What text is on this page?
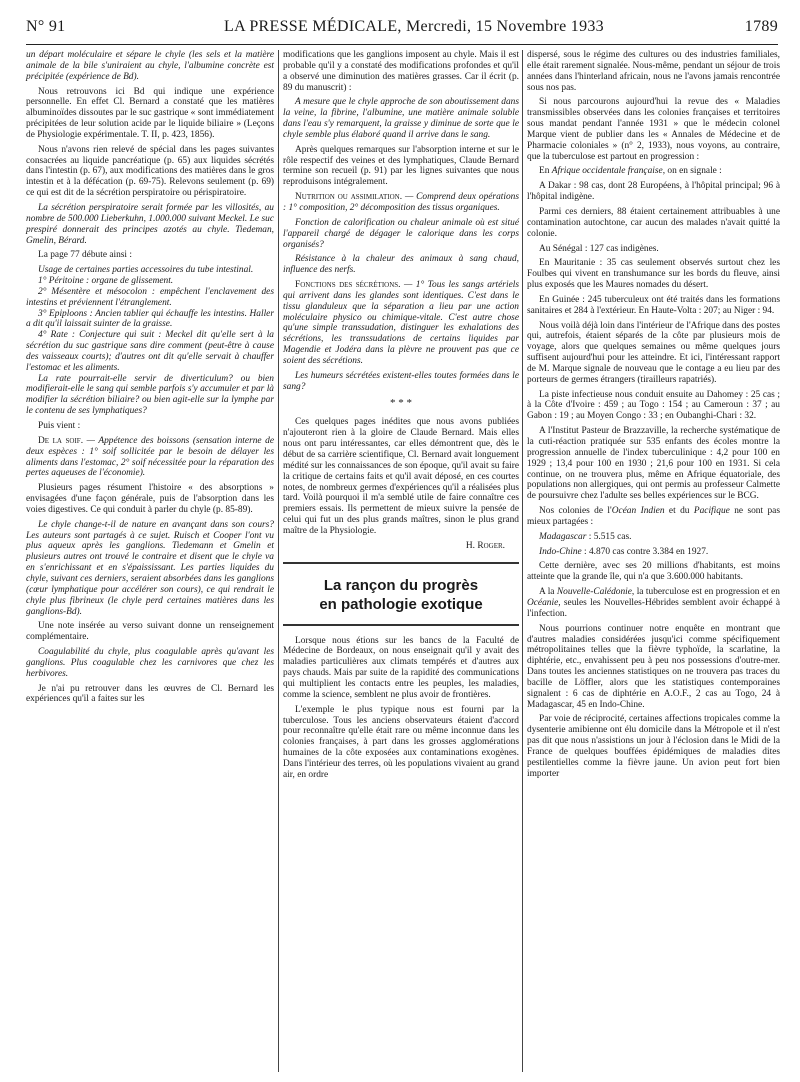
N° 91	LA PRESSE MÉDICALE, Mercredi, 15 Novembre 1933	1789

un départ moléculaire et sépare le chyle (les sels et la matière animale de la bile s'uniraient au chyle, l'albumine concrète est précipitée (expérience de Bd).

Nous retrouvons ici Bd qui indique une expérience personnelle. En effet Cl. Bernard a constaté que les matières albuminoïdes dissoutes par le suc gastrique « sont immédiatement précipitées de leur solution acide par le liquide biliaire » (Leçons de Physiologie expérimentale. T. II, p. 423, 1856).

Nous n'avons rien relevé de spécial dans les pages suivantes consacrées au liquide pancréatique (p. 65) aux liquides sécrétés dans l'intestin (p. 67), aux modifications des matières dans le gros intestin et à la défécation (p. 69-75). Relevons seulement (p. 69) ce qui est dit de la sécrétion perspiratoire ou périspiratoire.

La sécrétion perspiratoire serait formée par les villosités, au nombre de 500.000 Lieberkuhn, 1.000.000 suivant Meckel. Le suc prespiré donnerait des principes azotés au chyle. Tiedeman, Gmelin, Bérard.

La page 77 débute ainsi :

Usage de certaines parties accessoires du tube intestinal.

1° Péritoine : organe de glissement.

2° Mésentère et mésocolon : empêchent l'enclavement des intestins et préviennent l'étranglement.

3° Epiploons : Ancien tablier qui échauffe les intestins. Haller a dit qu'il laissait suinter de la graisse.

4° Rate : Conjecture qui suit : Meckel dit qu'elle sert à la sécrétion du suc gastrique sans dire comment (peut-être à cause des vaisseaux courts); d'autres ont dit qu'elle servait à chauffer l'estomac et les aliments.

La rate pourrait-elle servir de diverticulum? ou bien modifierait-elle le sang qui semble parfois s'y accumuler et par là modifier la sécrétion biliaire? ou bien agit-elle sur la lymphe par le contenu de ses lymphatiques?

Puis vient :

De la soif. — Appétence des boissons (sensation interne de deux espèces : 1° soif sollicitée par le besoin de délayer les aliments dans l'estomac, 2° soif nécessitée pour la réparation des pertes aqueuses de l'économie).

Plusieurs pages résument l'histoire « des absorptions » envisagées d'une façon générale, puis de l'absorption dans les voies digestives. Ce qui conduit à parler du chyle (p. 85-89).

Le chyle change-t-il de nature en avançant dans son cours? Les auteurs sont partagés à ce sujet. Ruisch et Cooper l'ont vu plus aqueux après les ganglions. Tiedemann et Gmelin et plusieurs autres ont trouvé le contraire et disent que le chyle va en s'enrichissant et en s'épaississant. Les parties liquides du chyle, suivant ces derniers, seraient absorbées dans les ganglions (cœur lymphatique pour accélérer son cours), ce qui rendrait le chyle plus fibrineux (le chyle perd certaines matières dans les ganglions-Bd).

Une note insérée au verso suivant donne un renseignement complémentaire.

Coagulabilité du chyle, plus coagulable après qu'avant les ganglions. Plus coagulable chez les carnivores que chez les herbivores.

Je n'ai pu retrouver dans les œuvres de Cl. Bernard les expériences qu'il a faites sur les

modifications que les ganglions imposent au chyle. Mais il est probable qu'il y a constaté des modifications profondes et qu'il a observé une diminution des matières grasses. Car il écrit (p. 89 du manuscrit) :

A mesure que le chyle approche de son aboutissement dans la veine, la fibrine, l'albumine, une matière animale soluble dans l'eau s'y remarquent, la graisse y diminue de sorte que le chyle semble plus élaboré quand il arrive dans le sang.

Après quelques remarques sur l'absorption interne et sur le rôle respectif des veines et des lymphatiques, Claude Bernard termine son recueil (p. 91) par les lignes suivantes que nous reproduisons intégralement.

Nutrition ou assimilation. — Comprend deux opérations : 1° composition, 2° décomposition des tissus organiques.

Fonction de calorification ou chaleur animale où est situé l'appareil chargé de dégager le calorique dans les corps organisés?

Résistance à la chaleur des animaux à sang chaud, influence des nerfs.

Fonctions des sécrétions. — 1° Tous les sangs artériels qui arrivent dans les glandes sont identiques. C'est dans le tissu glanduleux que la séparation a lieu par une action moléculaire physico ou chimique-vitale. C'est autre chose qu'une simple transsudation, distinguer les exhalations des sécrétions, les transsudations de certains liquides par Magendie et Jodéra dans la plèvre ne prouvent pas que ce soient des sécrétions.

Les humeurs sécrétées existent-elles toutes formées dans le sang?

* * *

Ces quelques pages inédites que nous avons publiées n'ajouteront rien à la gloire de Claude Bernard. Mais elles nous ont paru intéressantes, car elles démontrent que, dès le début de sa carrière scientifique, Cl. Bernard avait longuement médité sur les connaissances de son époque, qu'il avait su faire la critique de certains faits et qu'il avait déposé, en ces courtes notes, de nombreux germes d'expériences qu'il a réalisées plus tard. Voilà pourquoi il m'a semblé utile de faire connaître ces premiers essais. Ils permettent de mieux suivre la pensée de celui qui fut un des plus grands maîtres, sinon le plus grand maître de la Physiologie.

H. Roger.

La rançon du progrès
en pathologie exotique

Lorsque nous étions sur les bancs de la Faculté de Médecine de Bordeaux, on nous enseignait qu'il y avait des maladies particulières aux climats tempérés et d'autres aux pays chauds. Mais par suite de la rapidité des communications qui multiplient les contacts entre les peuples, les maladies, comme la science, semblent ne plus avoir de frontières.

L'exemple le plus typique nous est fourni par la tuberculose. Tous les anciens observateurs étaient d'accord pour reconnaître qu'elle était rare ou même inconnue dans les colonies françaises, à part dans les grosses agglomérations humaines de la côte exposées aux contaminations exogènes. Dans l'intérieur des terres, où les populations vivaient au grand air, en ordre

dispersé, sous le régime des cultures ou des industries familiales, elle était rarement signalée. Nous-même, pendant un séjour de trois années dans l'hinterland africain, nous ne l'avons jamais rencontrée sous nos pas.

Si nous parcourons aujourd'hui la revue des « Maladies transmissibles observées dans les colonies françaises et territoires sous mandat pendant l'année 1931 » que le médecin colonel Marque vient de publier dans les « Annales de Médecine et de Pharmacie coloniales » (n° 2, 1933), nous voyons, au contraire, que la tuberculose est partout en progression :

En Afrique occidentale française, on en signale :

A Dakar : 98 cas, dont 28 Européens, à l'hôpital principal; 96 à l'hôpital indigène.

Parmi ces derniers, 88 étaient certainement attribuables à une contamination autochtone, car aucun des malades n'avait quitté la colonie.

Au Sénégal : 127 cas indigènes.

En Mauritanie : 35 cas seulement observés surtout chez les Foulbes qui vivent en transhumance sur les bords du fleuve, ainsi plus exposés que les Maures nomades du désert.

En Guinée : 245 tuberculeux ont été traités dans les formations sanitaires et 284 à l'extérieur. En Haute-Volta : 207; au Niger : 94.

Nous voilà déjà loin dans l'intérieur de l'Afrique dans des postes qui, autrefois, étaient séparés de la côte par plusieurs mois de voyage, alors que quelques semaines ou même quelques jours suffisent aujourd'hui pour les atteindre. Et ici, l'intéressant rapport de M. Marque signale de nouveau que le contage a eu lieu par des porteurs de germes étrangers (tirailleurs rapatriés).

La piste infectieuse nous conduit ensuite au Dahomey : 25 cas ; à la Côte d'Ivoire : 459 ; au Togo : 154 ; au Cameroun : 37 ; au Gabon : 19 ; au Moyen Congo : 33 ; en Oubanghi-Chari : 32.

A l'Institut Pasteur de Brazzaville, la recherche systématique de la cuti-réaction pratiquée sur 535 enfants des écoles montre la progression annuelle de l'index tuberculinique : 4,2 pour 100 en 1929 ; 13,4 pour 100 en 1930 ; 21,6 pour 100 en 1931. Si cela continue, on ne trouvera plus, même en Afrique équatoriale, des populations non allergiques, qui ont permis au professeur Calmette de poursuivre chez l'adulte ses belles expériences sur le BCG.

Nos colonies de l'Océan Indien et du Pacifique ne sont pas mieux partagées :

Madagascar : 5.515 cas.

Indo-Chine : 4.870 cas contre 3.384 en 1927.

Cette dernière, avec ses 20 millions d'habitants, est moins atteinte que la grande île, qui n'a que 3.600.000 habitants.

A la Nouvelle-Calédonie, la tuberculose est en progression et en Océanie, seules les Nouvelles-Hébrides semblent avoir échappé à l'infection.

Nous pourrions continuer notre enquête en montrant que d'autres maladies considérées jusqu'ici comme spécifiquement métropolitaines telles que la fièvre typhoïde, la scarlatine, la diphtérie, etc., envahissent peu à peu nos possessions d'outre-mer. Dans toutes les anciennes statistiques on ne trouvera pas traces du bacille de Löffler, alors que les statistiques contemporaines signalent : 6 cas de diphtérie en A.O.F., 2 cas au Togo, 24 à Madagascar, 45 en Indo-Chine.

Par voie de réciprocité, certaines affections tropicales comme la dysenterie amibienne ont élu domicile dans la Métropole et il n'est pas dit que nous n'assistions un jour à l'éclosion dans le Midi de la France de quelques bouffées épidémiques de maladies dites pestilentielles comme la fièvre jaune. Un avion peut fort bien importer
